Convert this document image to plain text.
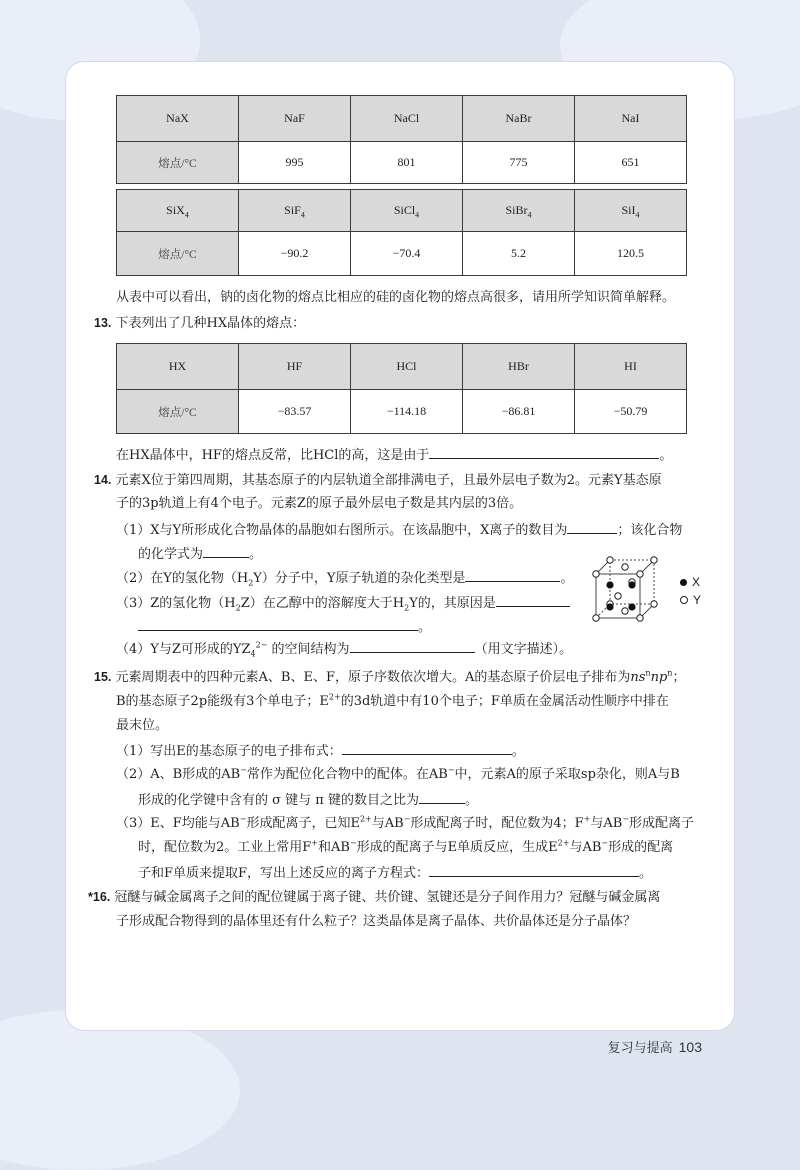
NaX	NaF	NaCl	NaBr	NaI
熔点/°C	995	801	775	651

SiX$_4$	SiF$_4$	SiCl$_4$	SiBr$_4$	SiI$_4$
熔点/°C	−90.2	−70.4	5.2	120.5
从表中可以看出，钠的卤化物的熔点比相应的硅的卤化物的熔点高很多，请用所学知识简单解释。
13. 下表列出了几种HX晶体的熔点：
HX	HF	HCl	HBr	HI
熔点/°C	−83.57	−114.18	−86.81	−50.79
在HX晶体中，HF的熔点反常，比HCl的高，这是由于	。
14. 元素X位于第四周期，其基态原子的内层轨道全部排满电子，且最外层电子数为2。元素Y基态原
子的3p轨道上有4个电子。元素Z的原子最外层电子数是其内层的3倍。
（1）X与Y所形成化合物晶体的晶胞如右图所示。在该晶胞中，X离子的数目为	；该化合物
的化学式为	。
（2）在Y的氢化物$(H_2Y)$分子中，Y原子轨道的杂化类型是	。
（3）Z的氢化物$(H_2Z)$在乙醇中的溶解度大于$H_2Y$的，其原因是
。
（4）Y与Z可形成的$YZ_4^{2-}$ 的空间结构为	（用文字描述）。
X
Y
15. 元素周期表中的四种元素A、B、E、F，原子序数依次增大。A的基态原子价层电子排布为$ns^nnp^n$；
B的基态原子2p能级有3个单电子；$E^{2+}$的3d轨道中有10个电子；F单质在金属活动性顺序中排在
最末位。
（1）写出E的基态原子的电子排布式：	。
（2）A、B形成的AB−常作为配位化合物中的配体。在AB−中，元素A的原子采取sp杂化，则A与B
形成的化学键中含有的 σ 键与 π 键的数目之比为	。
（3）E、F均能与AB−形成配离子，已知$E^{2+}$与AB−形成配离子时，配位数为4；F+与AB−形成配离子
时，配位数为2。工业上常用F+和AB−形成的配离子与E单质反应，生成$E^{2+}$与AB−形成的配离
子和F单质来提取F，写出上述反应的离子方程式：	。
*16. 冠醚与碱金属离子之间的配位键属于离子键、共价键、氢键还是分子间作用力？冠醚与碱金属离
子形成配合物得到的晶体里还有什么粒子？这类晶体是离子晶体、共价晶体还是分子晶体？
复习与提高 103
